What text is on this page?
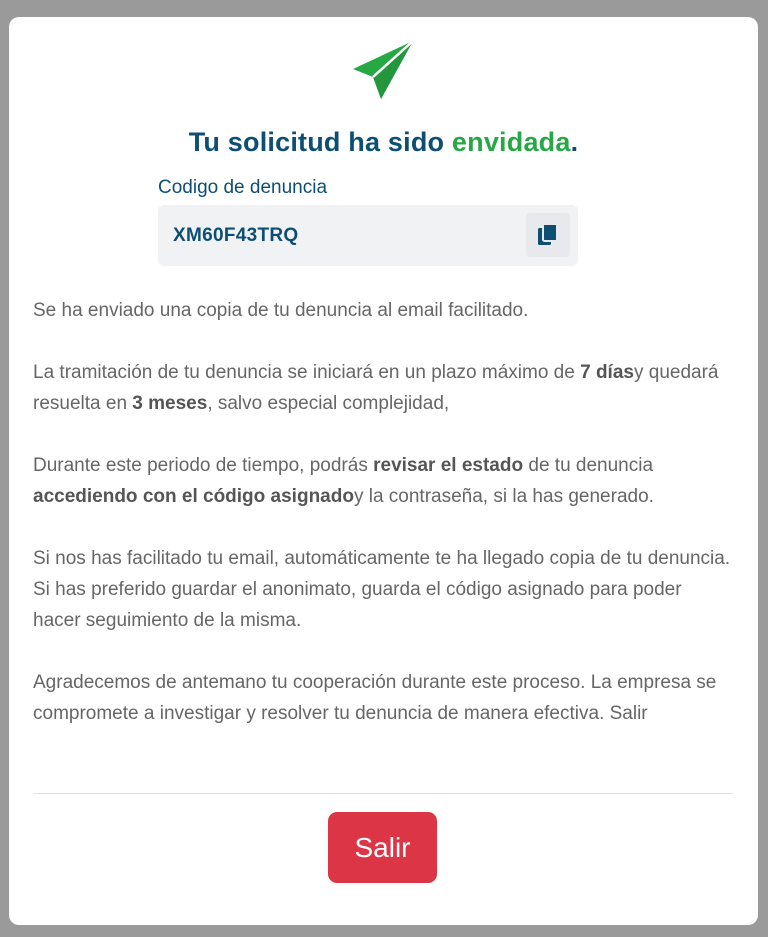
Tu solicitud ha sido envidada.
Codigo de denuncia
XM60F43TRQ

Se ha enviado una copia de tu denuncia al email facilitado.

La tramitación de tu denuncia se iniciará en un plazo máximo de 7 díasy quedará resuelta en 3 meses, salvo especial complejidad,

Durante este periodo de tiempo, podrás revisar el estado de tu denuncia accediendo con el código asignadoy la contraseña, si la has generado.

Si nos has facilitado tu email, automáticamente te ha llegado copia de tu denuncia. Si has preferido guardar el anonimato, guarda el código asignado para poder hacer seguimiento de la misma.

Agradecemos de antemano tu cooperación durante este proceso. La empresa se compromete a investigar y resolver tu denuncia de manera efectiva. Salir

Salir
